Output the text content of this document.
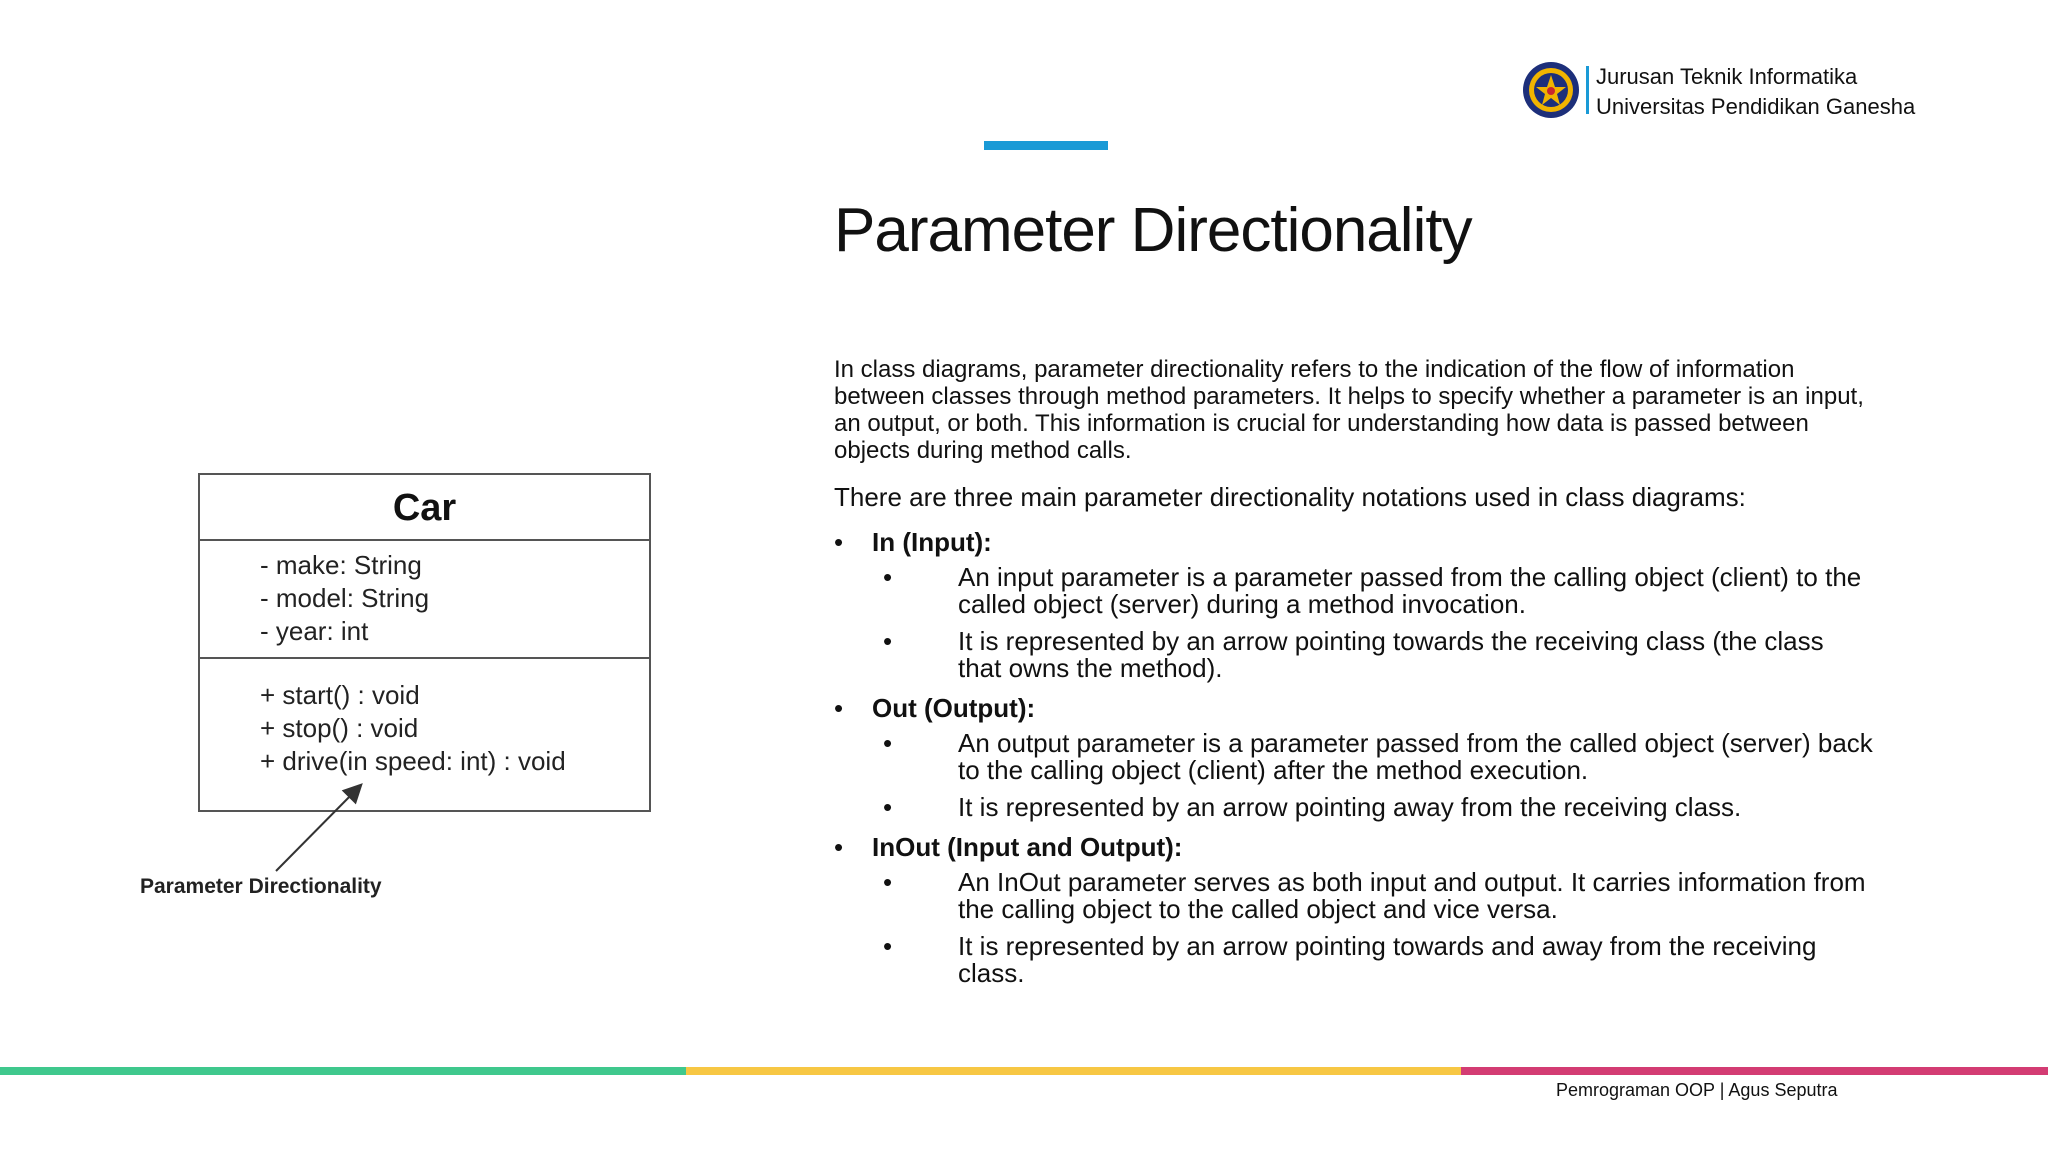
Jurusan Teknik Informatika
Universitas Pendidikan Ganesha
Parameter Directionality

In class diagrams, parameter directionality refers to the indication of the flow of information between classes through method parameters. It helps to specify whether a parameter is an input, an output, or both. This information is crucial for understanding how data is passed between objects during method calls.

There are three main parameter directionality notations used in class diagrams:

• In (Input):
• An input parameter is a parameter passed from the calling object (client) to the called object (server) during a method invocation.
• It is represented by an arrow pointing towards the receiving class (the class that owns the method).
• Out (Output):
• An output parameter is a parameter passed from the called object (server) back to the calling object (client) after the method execution.
• It is represented by an arrow pointing away from the receiving class.
• InOut (Input and Output):
• An InOut parameter serves as both input and output. It carries information from the calling object to the called object and vice versa.
• It is represented by an arrow pointing towards and away from the receiving class.
Car
- make: String
- model: String
- year: int
+ start() : void
+ stop() : void
+ drive(in speed: int) : void
Parameter Directionality
Pemrograman OOP | Agus Seputra
